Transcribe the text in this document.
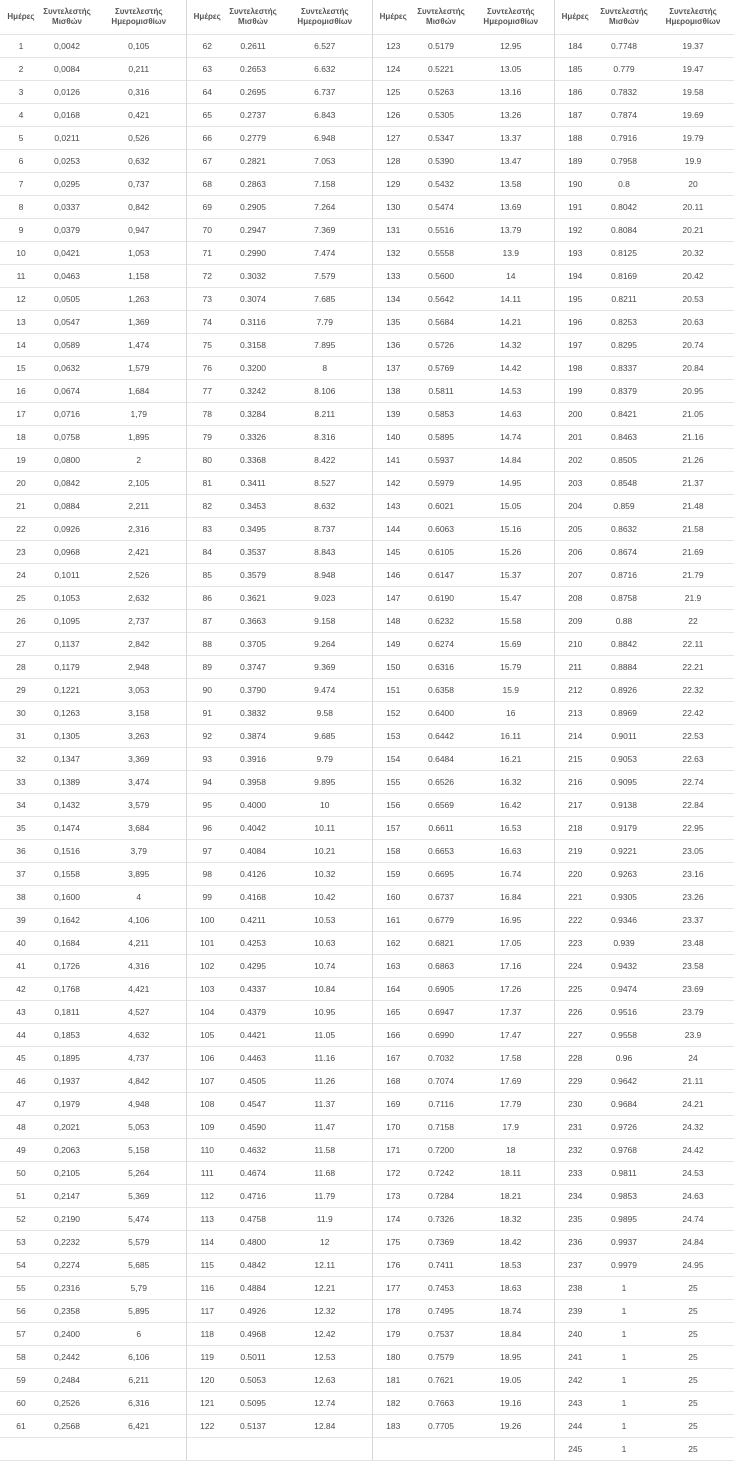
Ημέρες	Συντελεστής Μισθών	Συντελεστής Ημερομισθίων	Ημέρες	Συντελεστής Μισθών	Συντελεστής Ημερομισθίων	Ημέρες	Συντελεστής Μισθών	Συντελεστής Ημερομισθίων	Ημέρες	Συντελεστής Μισθών	Συντελεστής Ημερομισθίων
1	0,0042	0,105	62	0.2611	6.527	123	0.5179	12.95	184	0.7748	19.37
2	0,0084	0,211	63	0.2653	6.632	124	0.5221	13.05	185	0.779	19.47
3	0,0126	0,316	64	0.2695	6.737	125	0.5263	13.16	186	0.7832	19.58
4	0,0168	0,421	65	0.2737	6.843	126	0.5305	13.26	187	0.7874	19.69
5	0,0211	0,526	66	0.2779	6.948	127	0.5347	13.37	188	0.7916	19.79
6	0,0253	0,632	67	0.2821	7.053	128	0.5390	13.47	189	0.7958	19.9
7	0,0295	0,737	68	0.2863	7.158	129	0.5432	13.58	190	0.8	20
8	0,0337	0,842	69	0.2905	7.264	130	0.5474	13.69	191	0.8042	20.11
9	0,0379	0,947	70	0.2947	7.369	131	0.5516	13.79	192	0.8084	20.21
10	0,0421	1,053	71	0.2990	7.474	132	0.5558	13.9	193	0.8125	20.32
11	0,0463	1,158	72	0.3032	7.579	133	0.5600	14	194	0.8169	20.42
12	0,0505	1,263	73	0.3074	7.685	134	0.5642	14.11	195	0.8211	20.53
13	0,0547	1,369	74	0.3116	7.79	135	0.5684	14.21	196	0.8253	20.63
14	0,0589	1,474	75	0.3158	7.895	136	0.5726	14.32	197	0.8295	20.74
15	0,0632	1,579	76	0.3200	8	137	0.5769	14.42	198	0.8337	20.84
16	0,0674	1,684	77	0.3242	8.106	138	0.5811	14.53	199	0.8379	20.95
17	0,0716	1,79	78	0.3284	8.211	139	0.5853	14.63	200	0.8421	21.05
18	0,0758	1,895	79	0.3326	8.316	140	0.5895	14.74	201	0.8463	21.16
19	0,0800	2	80	0.3368	8.422	141	0.5937	14.84	202	0.8505	21.26
20	0,0842	2,105	81	0.3411	8.527	142	0.5979	14.95	203	0.8548	21.37
21	0,0884	2,211	82	0.3453	8.632	143	0.6021	15.05	204	0.859	21.48
22	0,0926	2,316	83	0.3495	8.737	144	0.6063	15.16	205	0.8632	21.58
23	0,0968	2,421	84	0.3537	8.843	145	0.6105	15.26	206	0.8674	21.69
24	0,1011	2,526	85	0.3579	8.948	146	0.6147	15.37	207	0.8716	21.79
25	0,1053	2,632	86	0.3621	9.023	147	0.6190	15.47	208	0.8758	21.9
26	0,1095	2,737	87	0.3663	9.158	148	0.6232	15.58	209	0.88	22
27	0,1137	2,842	88	0.3705	9.264	149	0.6274	15.69	210	0.8842	22.11
28	0,1179	2,948	89	0.3747	9.369	150	0.6316	15.79	211	0.8884	22.21
29	0,1221	3,053	90	0.3790	9.474	151	0.6358	15.9	212	0.8926	22.32
30	0,1263	3,158	91	0.3832	9.58	152	0.6400	16	213	0.8969	22.42
31	0,1305	3,263	92	0.3874	9.685	153	0.6442	16.11	214	0.9011	22.53
32	0,1347	3,369	93	0.3916	9.79	154	0.6484	16.21	215	0.9053	22.63
33	0,1389	3,474	94	0.3958	9.895	155	0.6526	16.32	216	0.9095	22.74
34	0,1432	3,579	95	0.4000	10	156	0.6569	16.42	217	0.9138	22.84
35	0,1474	3,684	96	0.4042	10.11	157	0.6611	16.53	218	0.9179	22.95
36	0,1516	3,79	97	0.4084	10.21	158	0.6653	16.63	219	0.9221	23.05
37	0,1558	3,895	98	0.4126	10.32	159	0.6695	16.74	220	0.9263	23.16
38	0,1600	4	99	0.4168	10.42	160	0.6737	16.84	221	0.9305	23.26
39	0,1642	4,106	100	0.4211	10.53	161	0.6779	16.95	222	0.9346	23.37
40	0,1684	4,211	101	0.4253	10.63	162	0.6821	17.05	223	0.939	23.48
41	0,1726	4,316	102	0.4295	10.74	163	0.6863	17.16	224	0.9432	23.58
42	0,1768	4,421	103	0.4337	10.84	164	0.6905	17.26	225	0.9474	23.69
43	0,1811	4,527	104	0.4379	10.95	165	0.6947	17.37	226	0.9516	23.79
44	0,1853	4,632	105	0.4421	11.05	166	0.6990	17.47	227	0.9558	23.9
45	0,1895	4,737	106	0.4463	11.16	167	0.7032	17.58	228	0.96	24
46	0,1937	4,842	107	0.4505	11.26	168	0.7074	17.69	229	0.9642	21.11
47	0,1979	4,948	108	0.4547	11.37	169	0.7116	17.79	230	0.9684	24.21
48	0,2021	5,053	109	0.4590	11.47	170	0.7158	17.9	231	0.9726	24.32
49	0,2063	5,158	110	0.4632	11.58	171	0.7200	18	232	0.9768	24.42
50	0,2105	5,264	111	0.4674	11.68	172	0.7242	18.11	233	0.9811	24.53
51	0,2147	5,369	112	0.4716	11.79	173	0.7284	18.21	234	0.9853	24.63
52	0,2190	5,474	113	0.4758	11.9	174	0.7326	18.32	235	0.9895	24.74
53	0,2232	5,579	114	0.4800	12	175	0.7369	18.42	236	0.9937	24.84
54	0,2274	5,685	115	0.4842	12.11	176	0.7411	18.53	237	0.9979	24.95
55	0,2316	5,79	116	0.4884	12.21	177	0.7453	18.63	238	1	25
56	0,2358	5,895	117	0.4926	12.32	178	0.7495	18.74	239	1	25
57	0,2400	6	118	0.4968	12.42	179	0.7537	18.84	240	1	25
58	0,2442	6,106	119	0.5011	12.53	180	0.7579	18.95	241	1	25
59	0,2484	6,211	120	0.5053	12.63	181	0.7621	19.05	242	1	25
60	0,2526	6,316	121	0.5095	12.74	182	0.7663	19.16	243	1	25
61	0,2568	6,421	122	0.5137	12.84	183	0.7705	19.26	244	1	25
									245	1	25
